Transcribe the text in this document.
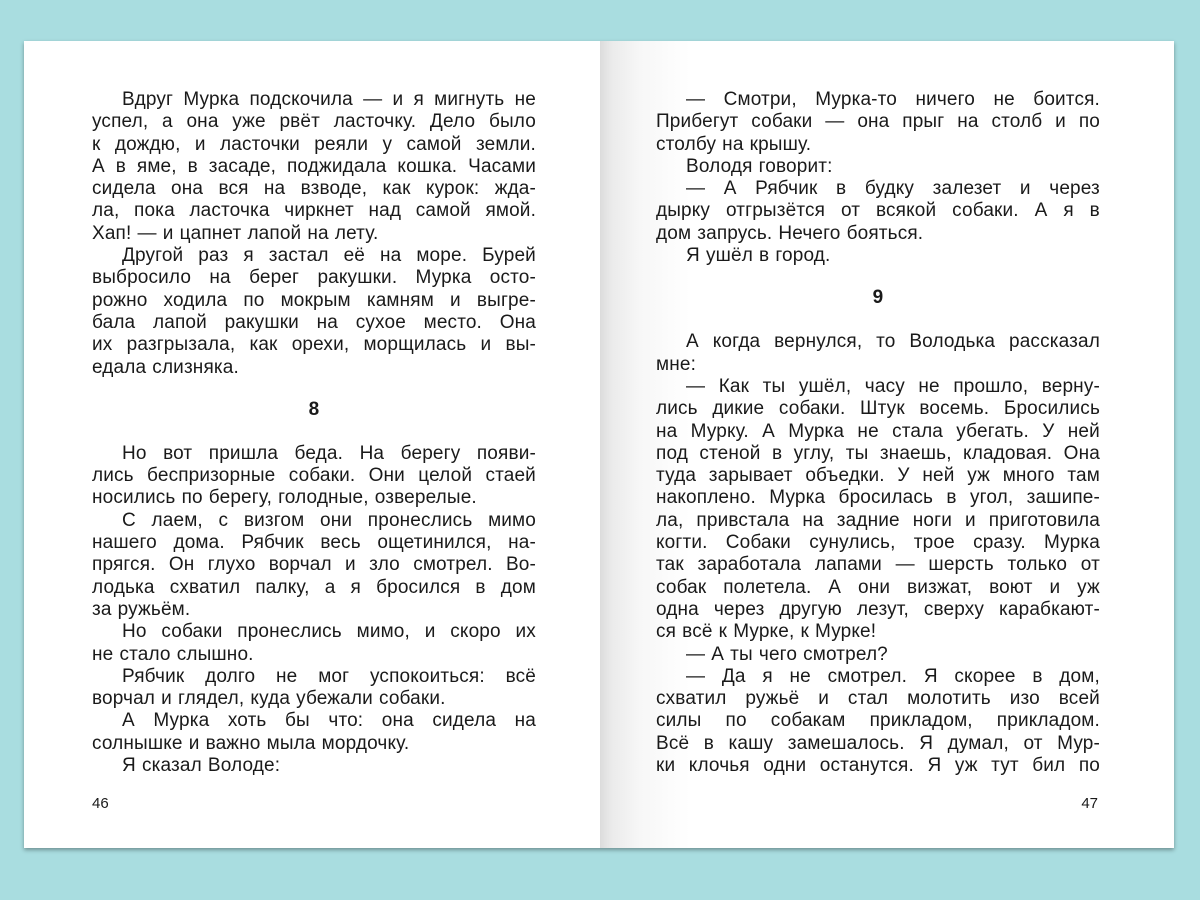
Вдруг Мурка подскочила — и я мигнуть не
успел, а она уже рвёт ласточку. Дело было
к дождю, и ласточки реяли у самой земли.
А в яме, в засаде, поджидала кошка. Часами
сидела она вся на взводе, как курок: жда-
ла, пока ласточка чиркнет над самой ямой.
Хап! — и цапнет лапой на лету.
Другой раз я застал её на море. Бурей
выбросило на берег ракушки. Мурка осто-
рожно ходила по мокрым камням и выгре-
бала лапой ракушки на сухое место. Она
их разгрызала, как орехи, морщилась и вы-
едала слизняка.
8
Но вот пришла беда. На берегу появи-
лись беспризорные собаки. Они целой стаей
носились по берегу, голодные, озверелые.
С лаем, с визгом они пронеслись мимо
нашего дома. Рябчик весь ощетинился, на-
прягся. Он глухо ворчал и зло смотрел. Во-
лодька схватил палку, а я бросился в дом
за ружьём.
Но собаки пронеслись мимо, и скоро их
не стало слышно.
Рябчик долго не мог успокоиться: всё
ворчал и глядел, куда убежали собаки.
А Мурка хоть бы что: она сидела на
солнышке и важно мыла мордочку.
Я сказал Володе:
46
— Смотри, Мурка-то ничего не боится.
Прибегут собаки — она прыг на столб и по
столбу на крышу.
Володя говорит:
— А Рябчик в будку залезет и через
дырку отгрызётся от всякой собаки. А я в
дом запрусь. Нечего бояться.
Я ушёл в город.
9
А когда вернулся, то Володька рассказал
мне:
— Как ты ушёл, часу не прошло, верну-
лись дикие собаки. Штук восемь. Бросились
на Мурку. А Мурка не стала убегать. У ней
под стеной в углу, ты знаешь, кладовая. Она
туда зарывает объедки. У ней уж много там
накоплено. Мурка бросилась в угол, зашипе-
ла, привстала на задние ноги и приготовила
когти. Собаки сунулись, трое сразу. Мурка
так заработала лапами — шерсть только от
собак полетела. А они визжат, воют и уж
одна через другую лезут, сверху карабкают-
ся всё к Мурке, к Мурке!
— А ты чего смотрел?
— Да я не смотрел. Я скорее в дом,
схватил ружьё и стал молотить изо всей
силы по собакам прикладом, прикладом.
Всё в кашу замешалось. Я думал, от Мур-
ки клочья одни останутся. Я уж тут бил по
47
